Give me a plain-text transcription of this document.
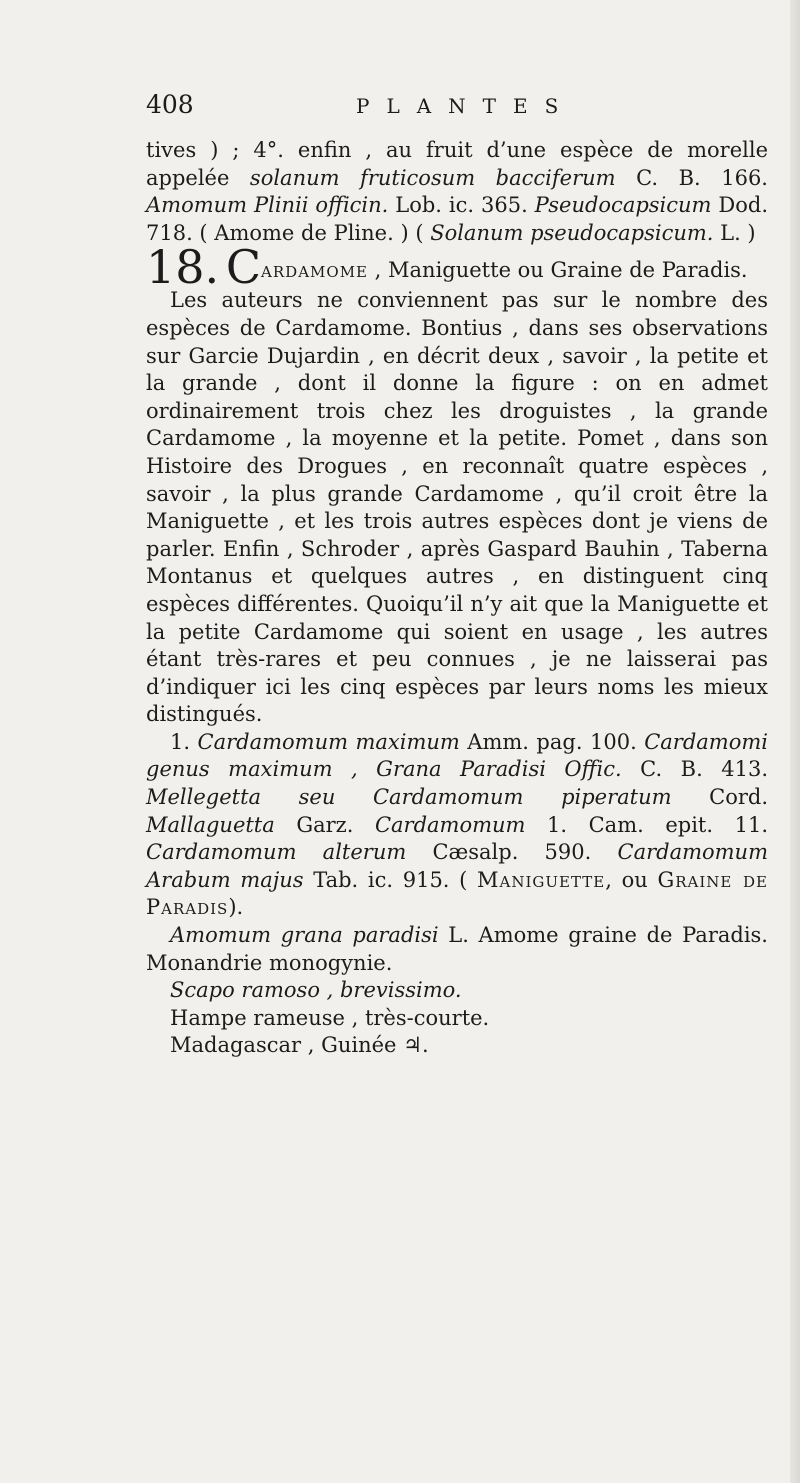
408	PLANTES

tives ) ; 4°. enfin , au fruit d’une espèce de morelle appelée solanum fruticosum bacciferum C. B. 166. Amomum Plinii officin. Lob. ic. 365. Pseudocapsicum Dod. 718. ( Amome de Pline. ) ( Solanum pseudocapsicum. L. )

18. Cardamome , Maniguette ou Graine de Paradis.

Les auteurs ne conviennent pas sur le nombre des espèces de Cardamome. Bontius , dans ses observations sur Garcie Dujardin , en décrit deux , savoir , la petite et la grande , dont il donne la figure : on en admet ordinairement trois chez les droguistes , la grande Cardamome , la moyenne et la petite. Pomet , dans son Histoire des Drogues , en reconnaît quatre espèces , savoir , la plus grande Cardamome , qu’il croit être la Maniguette , et les trois autres espèces dont je viens de parler. Enfin , Schroder , après Gaspard Bauhin , Taberna Montanus et quelques autres , en distinguent cinq espèces différentes. Quoiqu’il n’y ait que la Maniguette et la petite Cardamome qui soient en usage , les autres étant très-rares et peu connues , je ne laisserai pas d’indiquer ici les cinq espèces par leurs noms les mieux distingués.

1. Cardamomum maximum Amm. pag. 100. Cardamomi genus maximum , Grana Paradisi Offic. C. B. 413. Mellegetta seu Cardamomum piperatum Cord. Mallaguetta Garz. Cardamomum 1. Cam. epit. 11. Cardamomum alterum Cæsalp. 590. Cardamomum Arabum majus Tab. ic. 915. ( Maniguette, ou Graine de Paradis).

Amomum grana paradisi L. Amome graine de Paradis. Monandrie monogynie.

Scapo ramoso , brevissimo.

Hampe rameuse , très-courte.

Madagascar , Guinée ♃.
